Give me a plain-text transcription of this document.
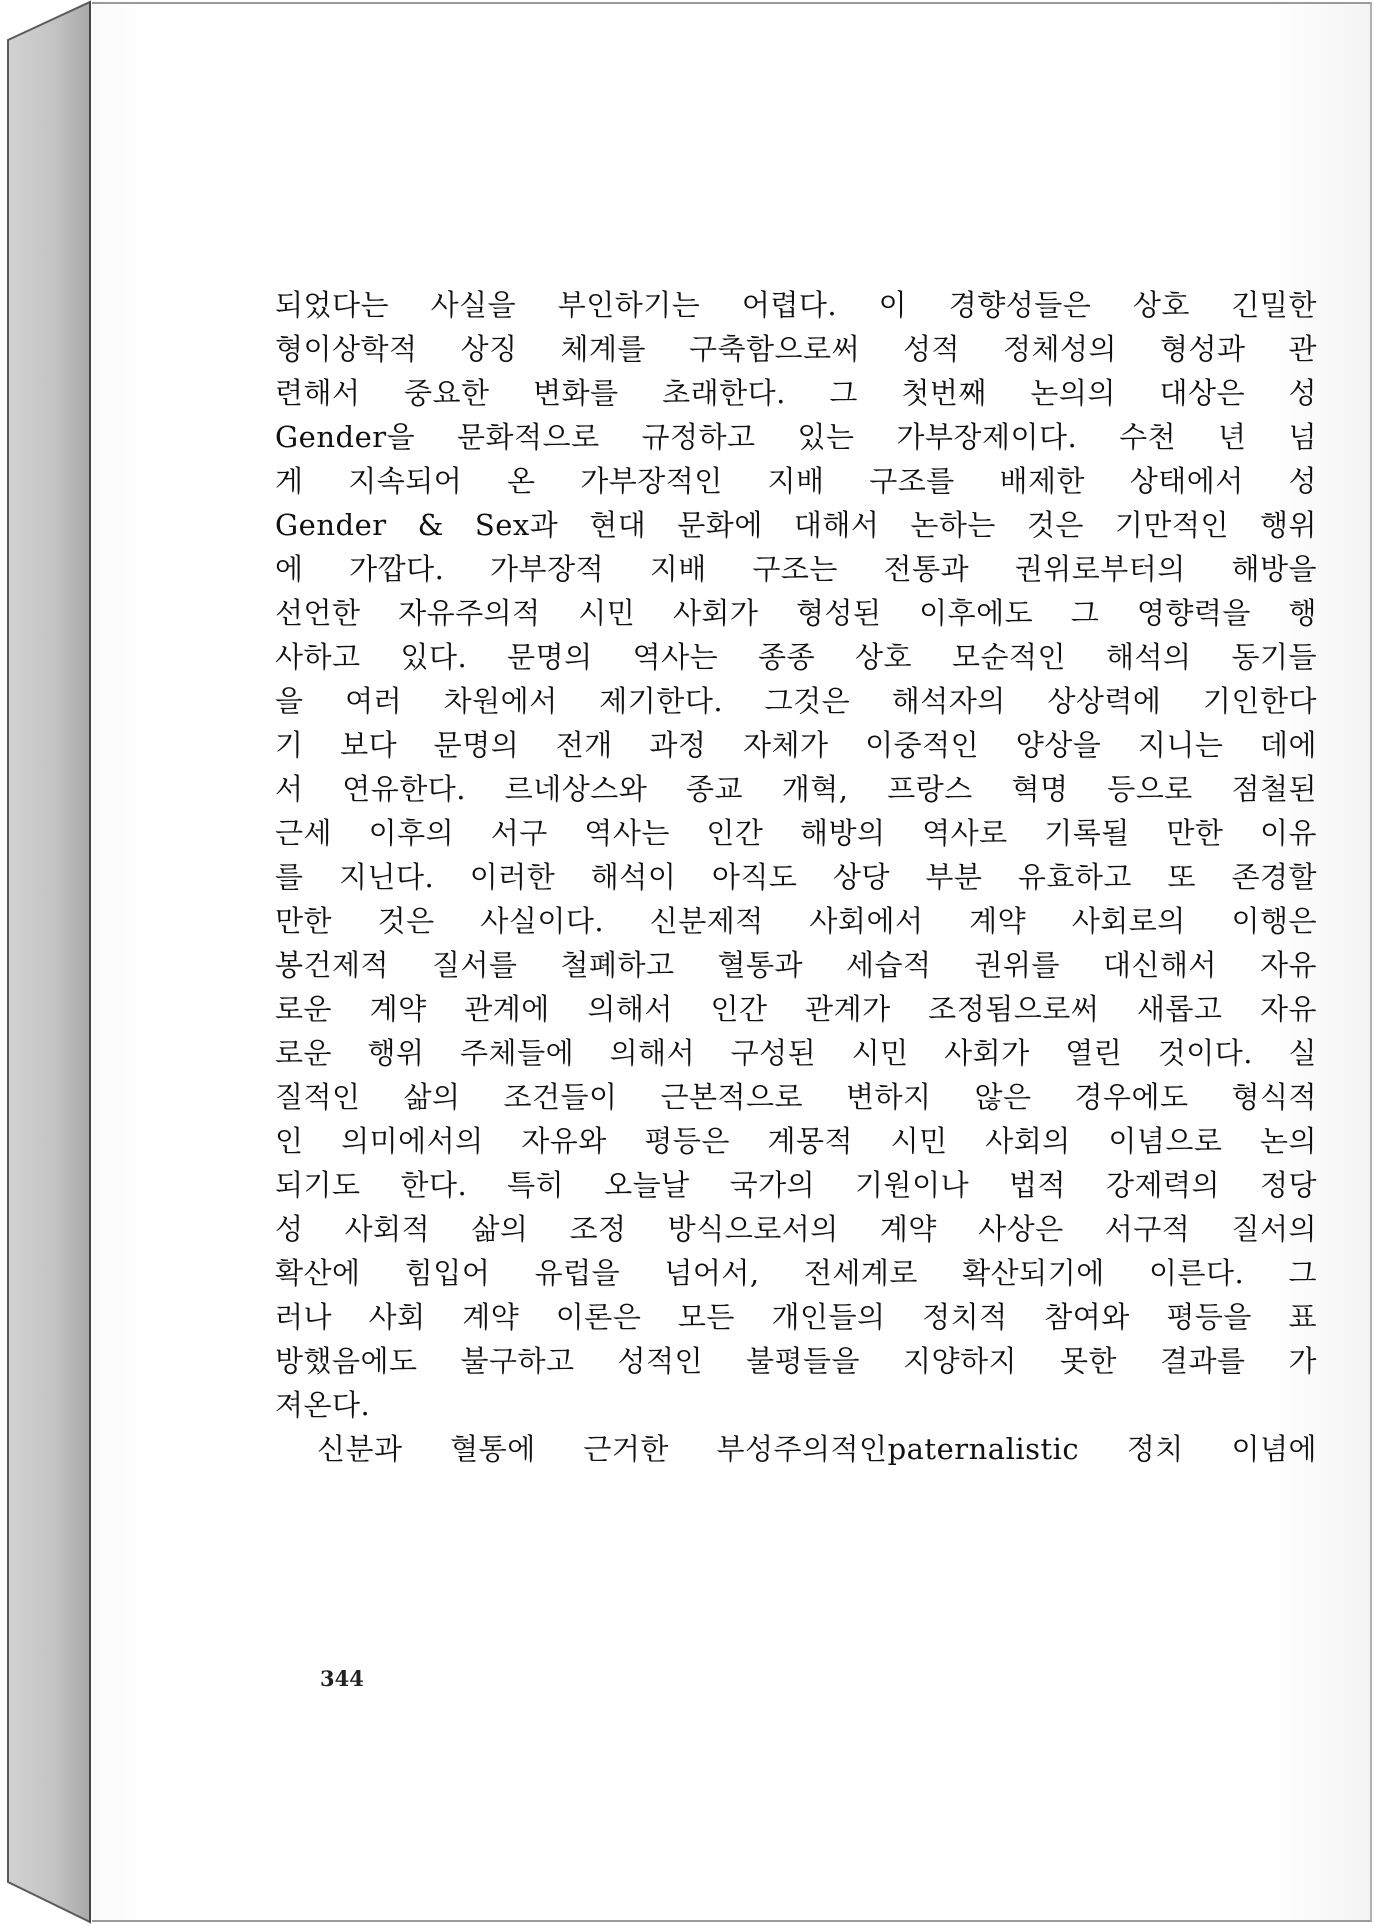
되었다는 사실을 부인하기는 어렵다. 이 경향성들은 상호 긴밀한
형이상학적 상징 체계를 구축함으로써 성적 정체성의 형성과 관
련해서 중요한 변화를 초래한다. 그 첫번째 논의의 대상은 성
Gender을 문화적으로 규정하고 있는 가부장제이다. 수천 년 넘
게 지속되어 온 가부장적인 지배 구조를 배제한 상태에서 성
Gender & Sex과 현대 문화에 대해서 논하는 것은 기만적인 행위
에 가깝다. 가부장적 지배 구조는 전통과 권위로부터의 해방을
선언한 자유주의적 시민 사회가 형성된 이후에도 그 영향력을 행
사하고 있다. 문명의 역사는 종종 상호 모순적인 해석의 동기들
을 여러 차원에서 제기한다. 그것은 해석자의 상상력에 기인한다
기 보다 문명의 전개 과정 자체가 이중적인 양상을 지니는 데에
서 연유한다. 르네상스와 종교 개혁, 프랑스 혁명 등으로 점철된
근세 이후의 서구 역사는 인간 해방의 역사로 기록될 만한 이유
를 지닌다. 이러한 해석이 아직도 상당 부분 유효하고 또 존경할
만한 것은 사실이다. 신분제적 사회에서 계약 사회로의 이행은
봉건제적 질서를 철폐하고 혈통과 세습적 권위를 대신해서 자유
로운 계약 관계에 의해서 인간 관계가 조정됨으로써 새롭고 자유
로운 행위 주체들에 의해서 구성된 시민 사회가 열린 것이다. 실
질적인 삶의 조건들이 근본적으로 변하지 않은 경우에도 형식적
인 의미에서의 자유와 평등은 계몽적 시민 사회의 이념으로 논의
되기도 한다. 특히 오늘날 국가의 기원이나 법적 강제력의 정당
성 사회적 삶의 조정 방식으로서의 계약 사상은 서구적 질서의
확산에 힘입어 유럽을 넘어서, 전세계로 확산되기에 이른다. 그
러나 사회 계약 이론은 모든 개인들의 정치적 참여와 평등을 표
방했음에도 불구하고 성적인 불평들을 지양하지 못한 결과를 가
져온다.
신분과 혈통에 근거한 부성주의적인paternalistic 정치 이념에
344
